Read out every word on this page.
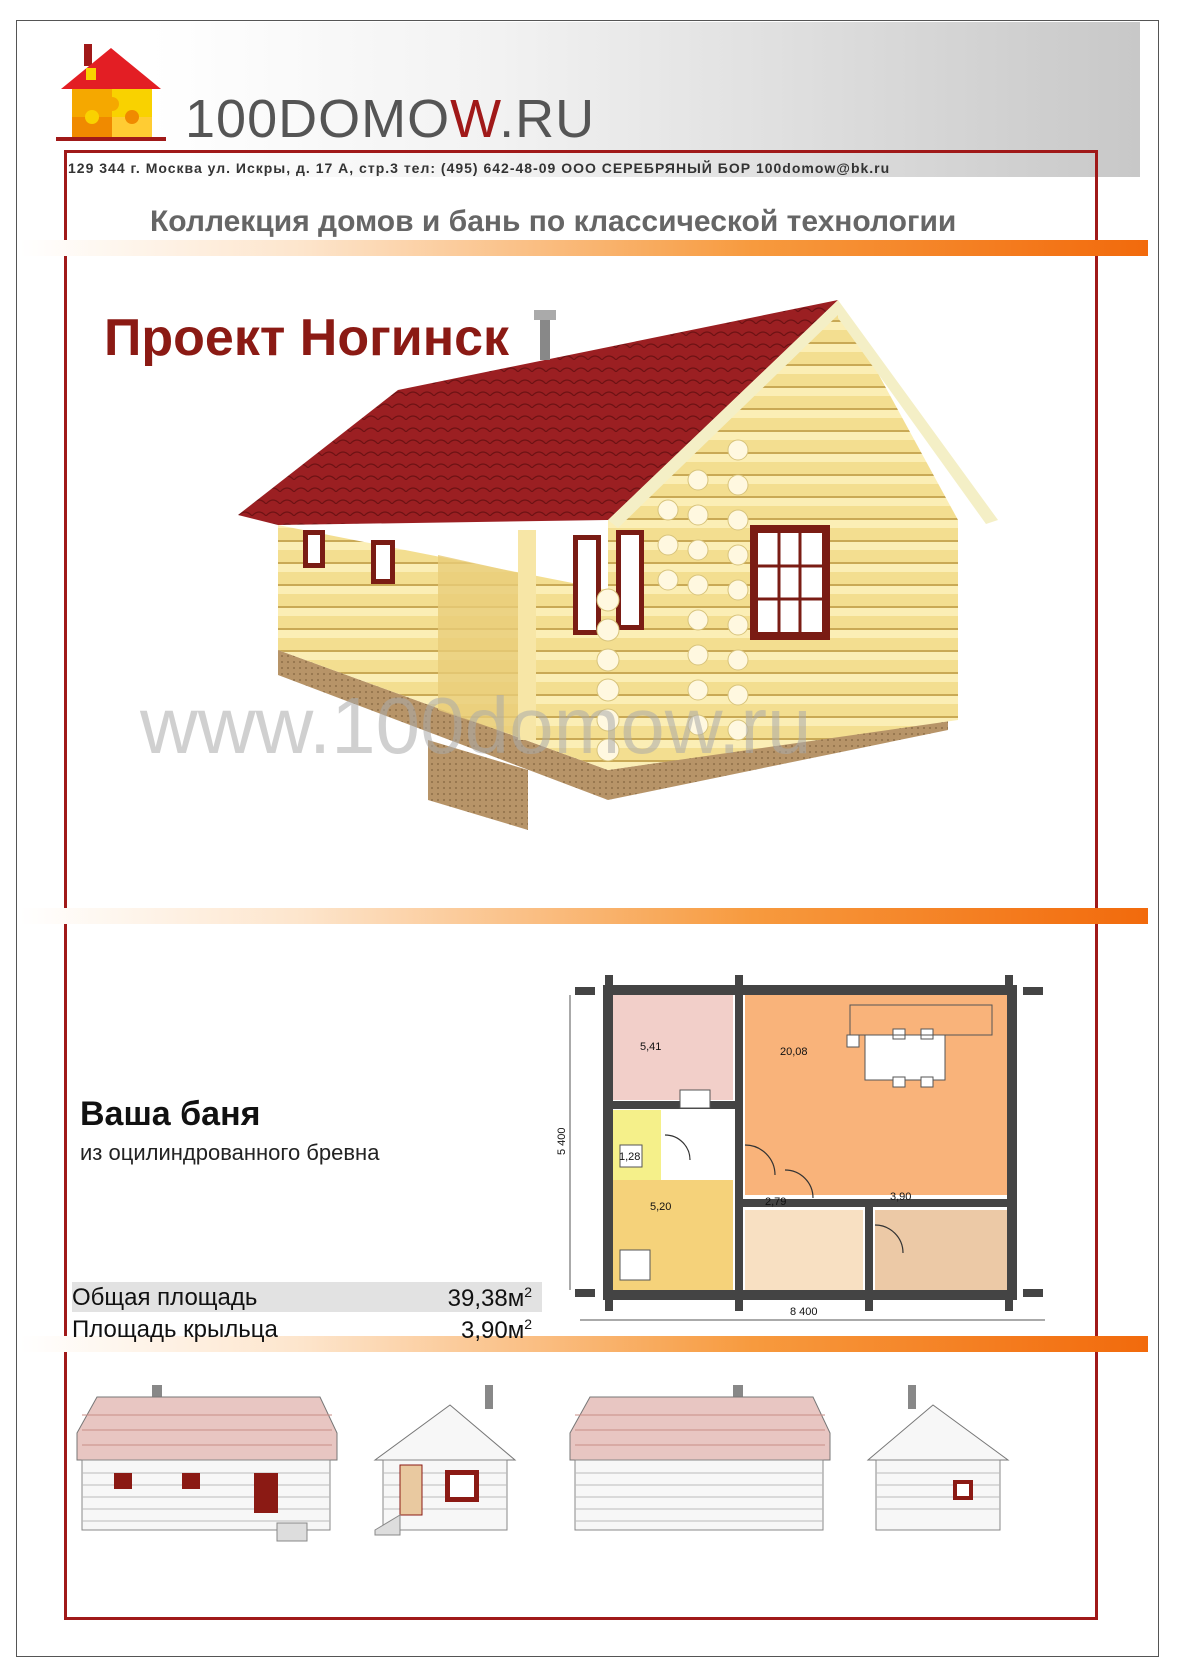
100DOMOW.RU
129 344 г. Москва ул. Искры, д. 17 А, стр.3 тел: (495) 642-48-09 ООО СЕРЕБРЯНЫЙ БОР 100domow@bk.ru
Коллекция домов и бань по классической технологии
Проект Ногинск
www.100domow.ru
Ваша баня
из оцилиндрованного бревна
Общая площадь	$39,38м^2$
Площадь крыльца	$3,90м^2$
5,41	20,08
1,28
5,20	2,79	3,90
8 400
5 400
